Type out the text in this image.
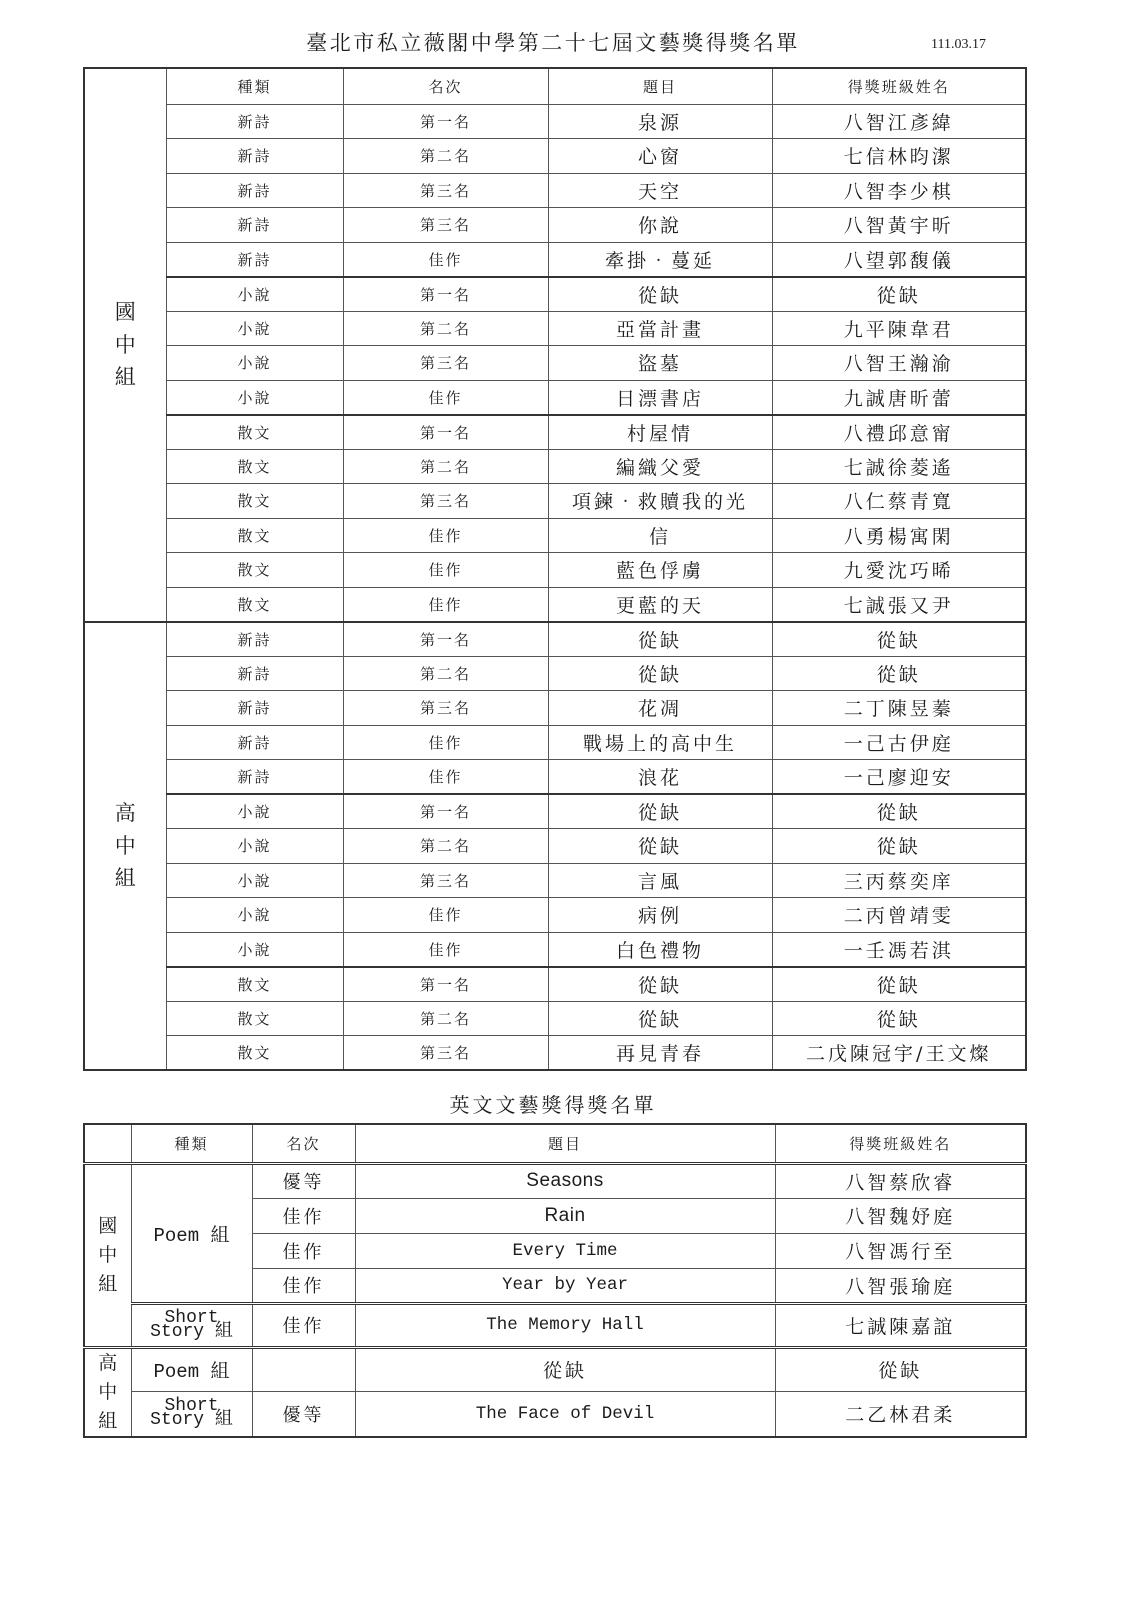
臺北市私立薇閣中學第二十七屆文藝獎得獎名單	111.03.17
國中組	種類	名次	題目	得獎班級姓名
	新詩	第一名	泉源	八智江彥緯
	新詩	第二名	心窗	七信林昀潔
	新詩	第三名	天空	八智李少棋
	新詩	第三名	你說	八智黃宇昕
	新詩	佳作	牽掛‧蔓延	八望郭馥儀
	小說	第一名	從缺	從缺
	小說	第二名	亞當計畫	九平陳韋君
	小說	第三名	盜墓	八智王瀚渝
	小說	佳作	日漂書店	九誠唐昕蕾
	散文	第一名	村屋情	八禮邱意甯
	散文	第二名	編織父愛	七誠徐菱遙
	散文	第三名	項鍊‧救贖我的光	八仁蔡青寬
	散文	佳作	信	八勇楊寓閑
	散文	佳作	藍色俘虜	九愛沈巧晞
	散文	佳作	更藍的天	七誠張又尹
高中組	新詩	第一名	從缺	從缺
	新詩	第二名	從缺	從缺
	新詩	第三名	花凋	二丁陳昱蓁
	新詩	佳作	戰場上的高中生	一己古伊庭
	新詩	佳作	浪花	一己廖迎安
	小說	第一名	從缺	從缺
	小說	第二名	從缺	從缺
	小說	第三名	言風	三丙蔡奕庠
	小說	佳作	病例	二丙曾靖雯
	小說	佳作	白色禮物	一壬馮若淇
	散文	第一名	從缺	從缺
	散文	第二名	從缺	從缺
	散文	第三名	再見青春	二戊陳冠宇/王文燦
英文文藝獎得獎名單
	種類	名次	題目	得獎班級姓名
國中組	Poem 組	優等	Seasons	八智蔡欣睿
		佳作	Rain	八智魏妤庭
		佳作	Every Time	八智馮行至
		佳作	Year by Year	八智張瑜庭
	Short Story 組	佳作	The Memory Hall	七誠陳嘉誼
高中組	Poem 組		從缺	從缺
	Short Story 組	優等	The Face of Devil	二乙林君柔
